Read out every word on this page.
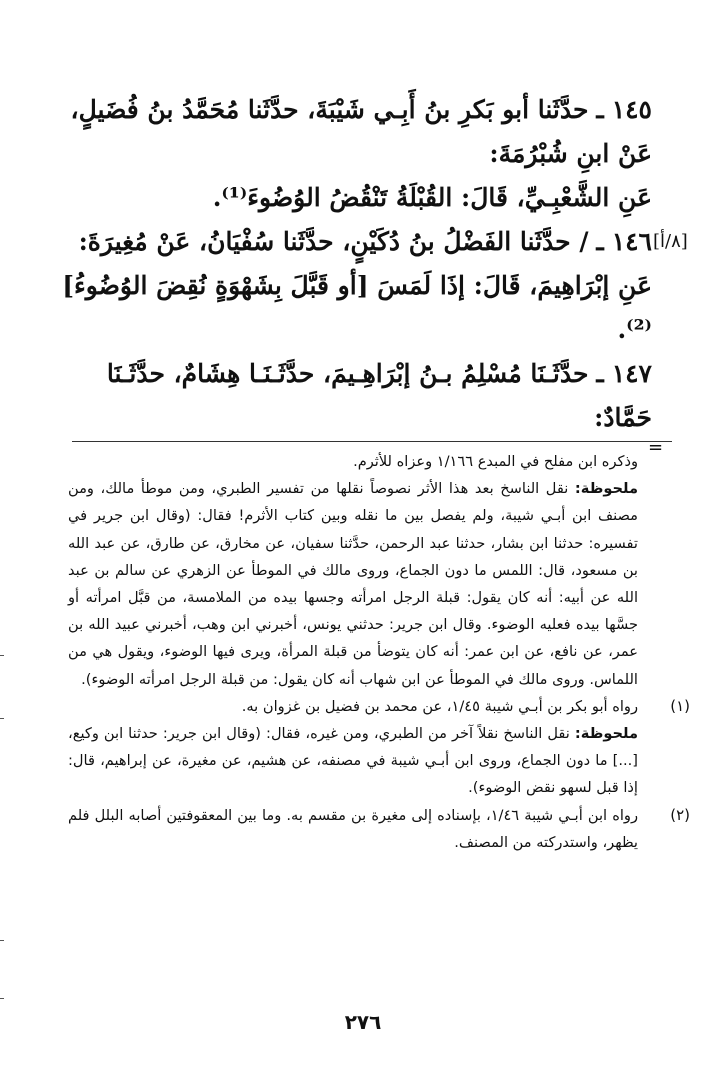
١٤٥ ـ حدَّثَنا أبو بَكرِ بنُ أَبِـي شَيْبَةَ، حدَّثَنا مُحَمَّدُ بنُ فُضَيلٍ،

عَنْ ابنِ شُبْرُمَةَ:

عَنِ الشَّعْبِـيِّ، قَالَ: القُبْلَةُ تَنْقُضُ الوُضُوءَ⁽¹⁾.

١٤٦ ـ / حدَّثَنا الفَضْلُ بنُ دُكَيْنٍ، حدَّثَنا سُفْيَانُ، عَنْ مُغِيرَةَ:

عَنِ إبْرَاهِيمَ، قَالَ: إذَا لَمَسَ [أو قَبَّلَ بِشَهْوَةٍ نُقِضَ الوُضُوءُ]⁽²⁾.

١٤٧ ـ حدَّثَـنَا مُسْلِمُ بـنُ إبْرَاهِـيمَ، حدَّثَـنَـا هِشَامٌ، حدَّثَـنَا

حَمَّادٌ:

[٨/أ]
=

وذكره ابن مفلح في المبدع ١/١٦٦ وعزاه للأثرم.

ملحوظة: نقل الناسخ بعد هذا الأثر نصوصاً نقلها من تفسير الطبري، ومن موطأ مالك، ومن مصنف ابن أبـي شيبة، ولم يفصل بين ما نقله وبين كتاب الأثرم! فقال: (وقال ابن جرير في تفسيره: حدثنا ابن بشار، حدثنا عبد الرحمن، حدَّثنا سفيان، عن مخارق، عن طارق، عن عبد الله بن مسعود، قال: اللمس ما دون الجماع، وروى مالك في الموطأ عن الزهري عن سالم بن عبد الله عن أبيه: أنه كان يقول: قبلة الرجل امرأته وجسها بيده من الملامسة، من قبَّل امرأته أو جسَّها بيده فعليه الوضوء. وقال ابن جرير: حدثني يونس، أخبرني ابن وهب، أخبرني عبيد الله بن عمر، عن نافع، عن ابن عمر: أنه كان يتوضأ من قبلة المرأة، ويرى فيها الوضوء، ويقول هي من اللماس. وروى مالك في الموطأ عن ابن شهاب أنه كان يقول: من قبلة الرجل امرأته الوضوء).

(١)
رواه أبو بكر بن أبـي شيبة ١/٤٥، عن محمد بن فضيل بن غزوان به.

ملحوظة: نقل الناسخ نقلاً آخر من الطبري، ومن غيره، فقال: (وقال ابن جرير: حدثنا ابن وكيع، [...] ما دون الجماع، وروى ابن أبـي شيبة في مصنفه، عن هشيم، عن مغيرة، عن إبراهيم، قال: إذا قبل لسهو نقض الوضوء).

(٢)
رواه ابن أبـي شيبة ١/٤٦، بإسناده إلى مغيرة بن مقسم به. وما بين المعقوفتين أصابه البلل فلم يظهر، واستدركته من المصنف.

٢٧٦
